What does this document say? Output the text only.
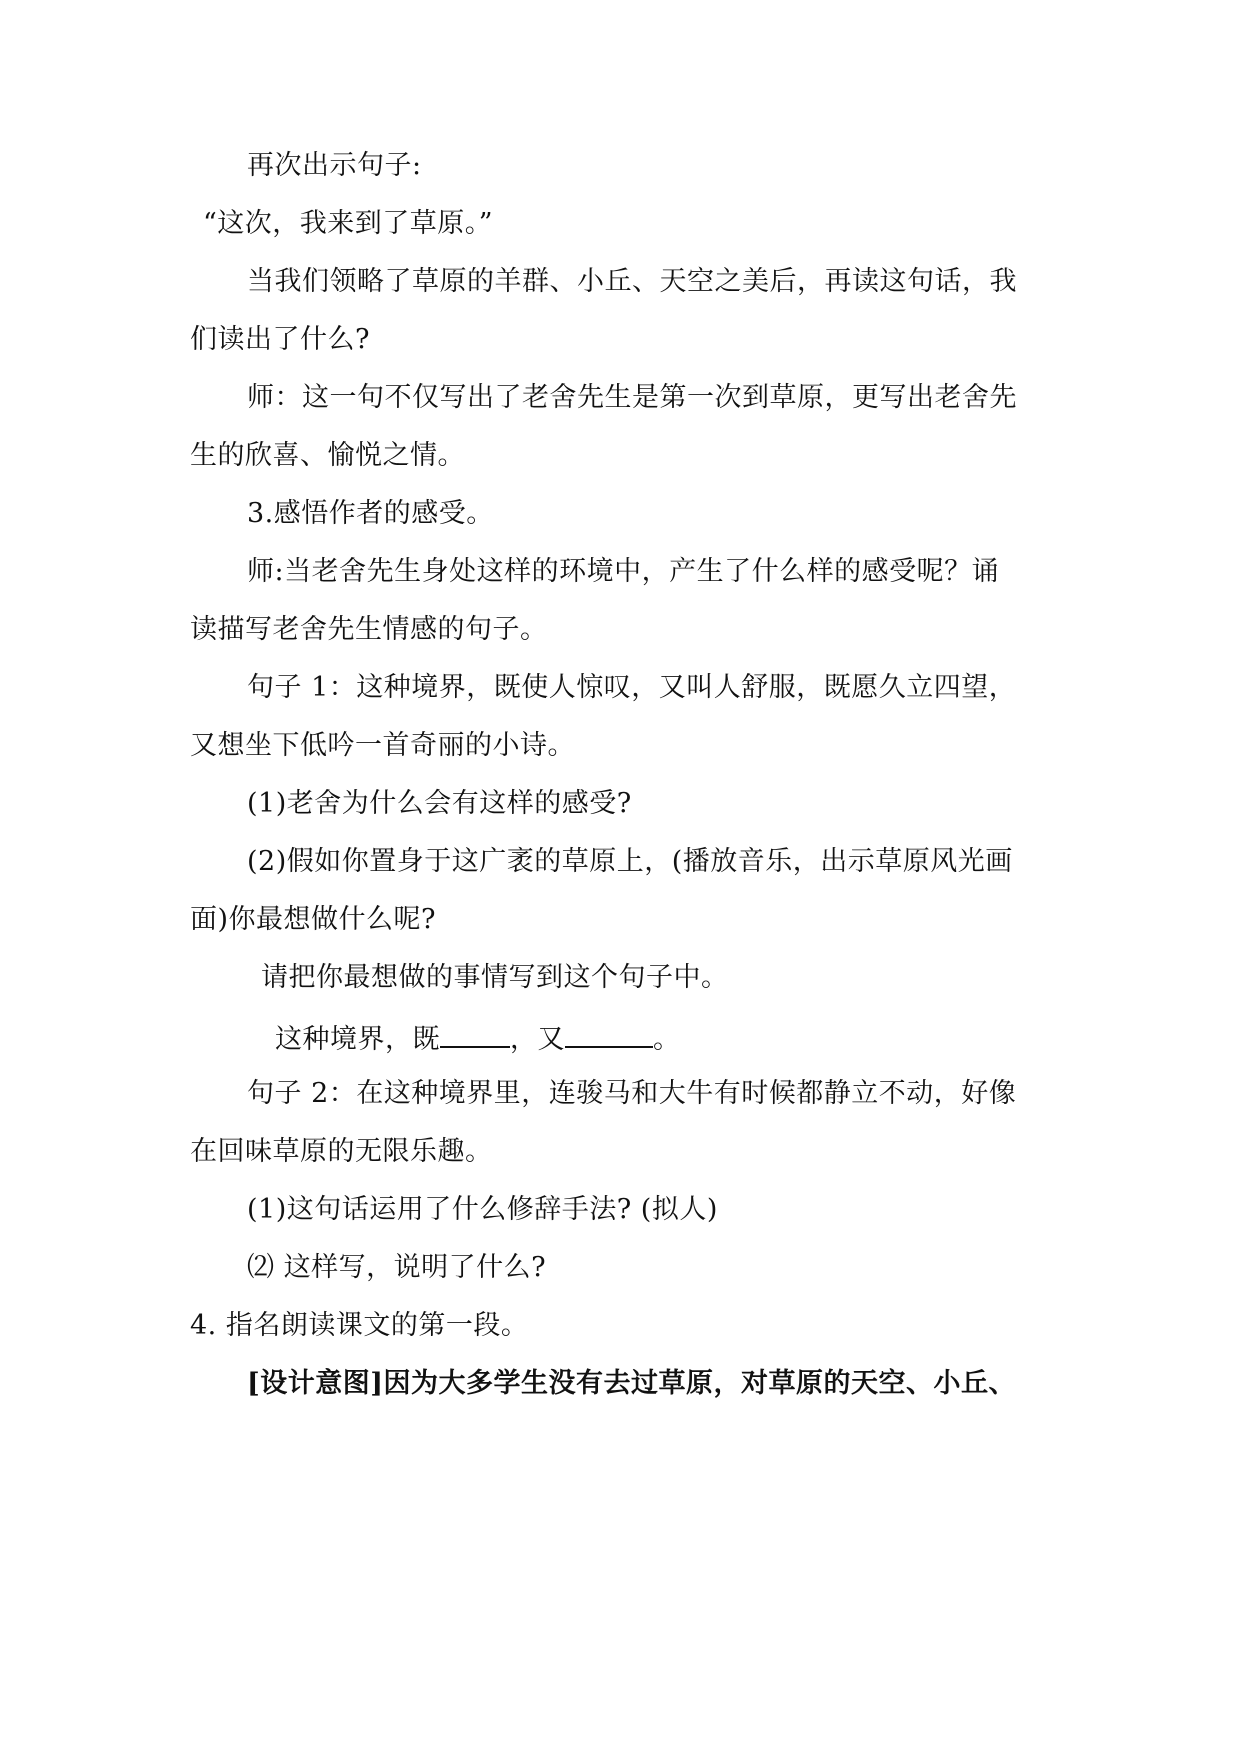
再次出示句子:
“这次，我来到了草原。”
当我们领略了草原的羊群、小丘、天空之美后，再读这句话，我
们读出了什么?
师：这一句不仅写出了老舍先生是第一次到草原，更写出老舍先
生的欣喜、愉悦之情。
3.感悟作者的感受。
师:当老舍先生身处这样的环境中，产生了什么样的感受呢？诵
读描写老舍先生情感的句子。
句子 1：这种境界，既使人惊叹，又叫人舒服，既愿久立四望，
又想坐下低吟一首奇丽的小诗。
(1)老舍为什么会有这样的感受?
(2)假如你置身于这广袤的草原上，(播放音乐，出示草原风光画
面)你最想做什么呢?
请把你最想做的事情写到这个句子中。
这种境界，既	，又	。
句子 2：在这种境界里，连骏马和大牛有时候都静立不动，好像
在回味草原的无限乐趣。
(1)这句话运用了什么修辞手法? (拟人)
⑵ 这样写，说明了什么?
4. 指名朗读课文的第一段。
[设计意图]因为大多学生没有去过草原，对草原的天空、小丘、
